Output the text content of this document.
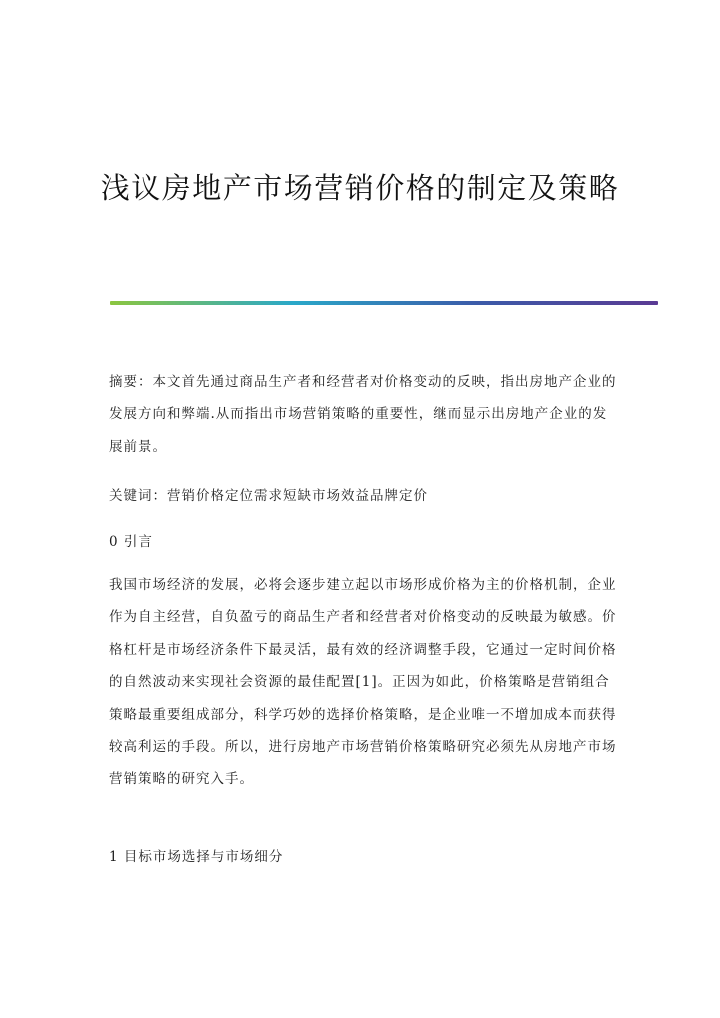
浅议房地产市场营销价格的制定及策略

摘要：本文首先通过商品生产者和经营者对价格变动的反映，指出房地产企业的发展方向和弊端.从而指出市场营销策略的重要性，继而显示出房地产企业的发展前景。

关键词：营销价格定位需求短缺市场效益品牌定价

0 引言

我国市场经济的发展，必将会逐步建立起以市场形成价格为主的价格机制，企业作为自主经营，自负盈亏的商品生产者和经营者对价格变动的反映最为敏感。价格杠杆是市场经济条件下最灵活，最有效的经济调整手段，它通过一定时间价格的自然波动来实现社会资源的最佳配置[1]。正因为如此，价格策略是营销组合策略最重要组成部分，科学巧妙的选择价格策略，是企业唯一不增加成本而获得较高利运的手段。所以，进行房地产市场营销价格策略研究必须先从房地产市场营销策略的研究入手。

1 目标市场选择与市场细分
